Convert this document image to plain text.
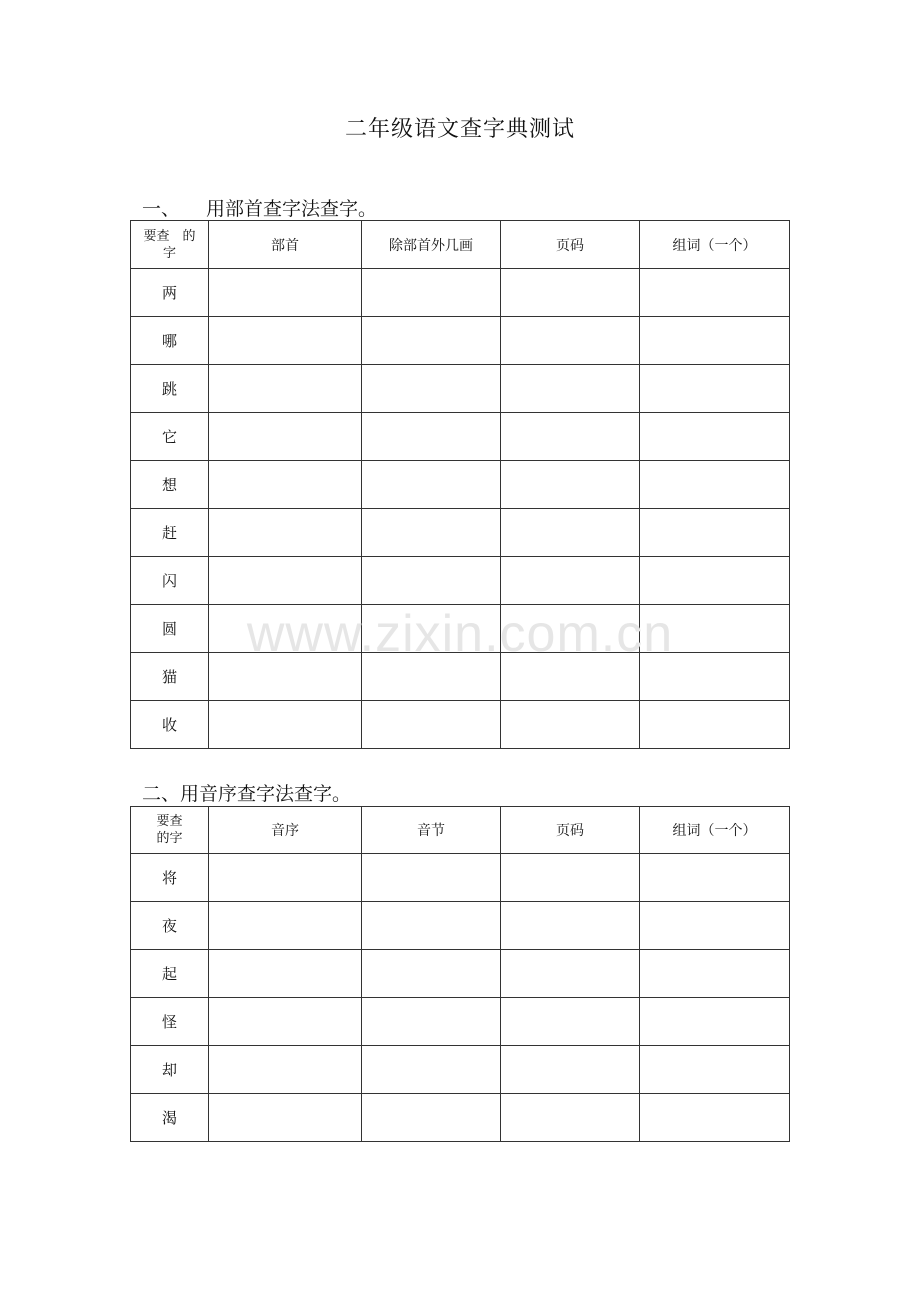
二年级语文查字典测试
一、 用部首查字法查字。
要查　的字	部首	除部首外几画	页码	组词（一个）
两				
哪				
跳				
它				
想				
赶				
闪				
圆				
猫				
收				
二、用音序查字法查字。
要查的字	音序	音节	页码	组词（一个）
将				
夜				
起				
怪				
却				
渴				
www.zixin.com.cn
